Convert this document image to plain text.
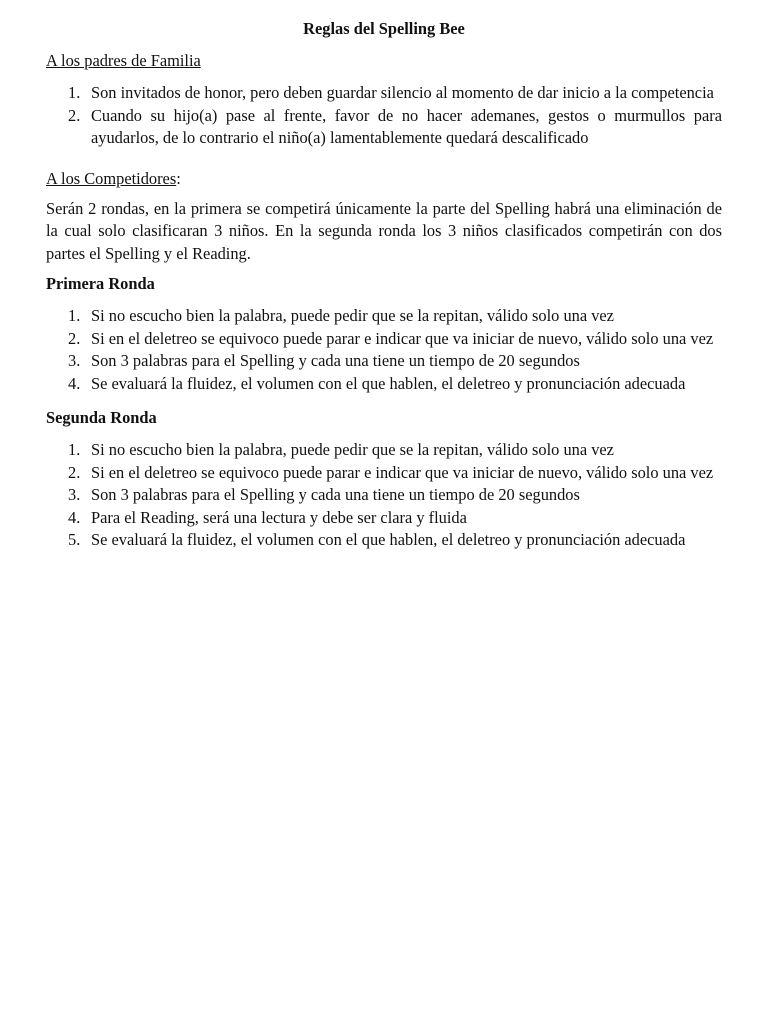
Reglas del Spelling Bee
A los padres de Familia
1. Son invitados de honor, pero deben guardar silencio al momento de dar inicio a la competencia
2. Cuando su hijo(a) pase al frente, favor de no hacer ademanes, gestos o murmullos para ayudarlos, de lo contrario el niño(a) lamentablemente quedará descalificado
A los Competidores:

Serán 2 rondas, en la primera se competirá únicamente la parte del Spelling habrá una eliminación de la cual solo clasificaran 3 niños. En la segunda ronda los 3 niños clasificados competirán con dos partes el Spelling y el Reading.

Primera Ronda
1. Si no escucho bien la palabra, puede pedir que se la repitan, válido solo una vez
2. Si en el deletreo se equivoco puede parar e indicar que va iniciar de nuevo, válido solo una vez
3. Son 3 palabras para el Spelling y cada una tiene un tiempo de 20 segundos
4. Se evaluará la fluidez, el volumen con el que hablen, el deletreo y pronunciación adecuada
Segunda Ronda
1. Si no escucho bien la palabra, puede pedir que se la repitan, válido solo una vez
2. Si en el deletreo se equivoco puede parar e indicar que va iniciar de nuevo, válido solo una vez
3. Son 3 palabras para el Spelling y cada una tiene un tiempo de 20 segundos
4. Para el Reading, será una lectura y debe ser clara y fluida
5. Se evaluará la fluidez, el volumen con el que hablen, el deletreo y pronunciación adecuada
